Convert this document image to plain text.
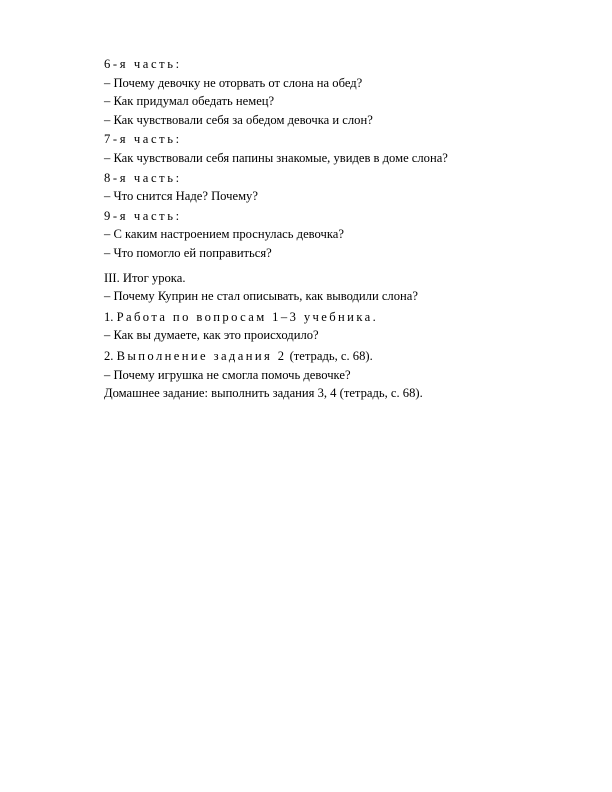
6-я часть:
– Почему девочку не оторвать от слона на обед?
– Как придумал обедать немец?
– Как чувствовали себя за обедом девочка и слон?
7-я часть:
– Как чувствовали себя папины знакомые, увидев в доме слона?
8-я часть:
– Что снится Наде? Почему?
9-я часть:
– С каким настроением проснулась девочка?
– Что помогло ей поправиться?
III. Итог урока.
– Почему Куприн не стал описывать, как выводили слона?
1. Работа по вопросам 1–3 учебника.
– Как вы думаете, как это происходило?
2. Выполнение задания 2 (тетрадь, с. 68).
– Почему игрушка не смогла помочь девочке?
Домашнее задание: выполнить задания 3, 4 (тетрадь, с. 68).
